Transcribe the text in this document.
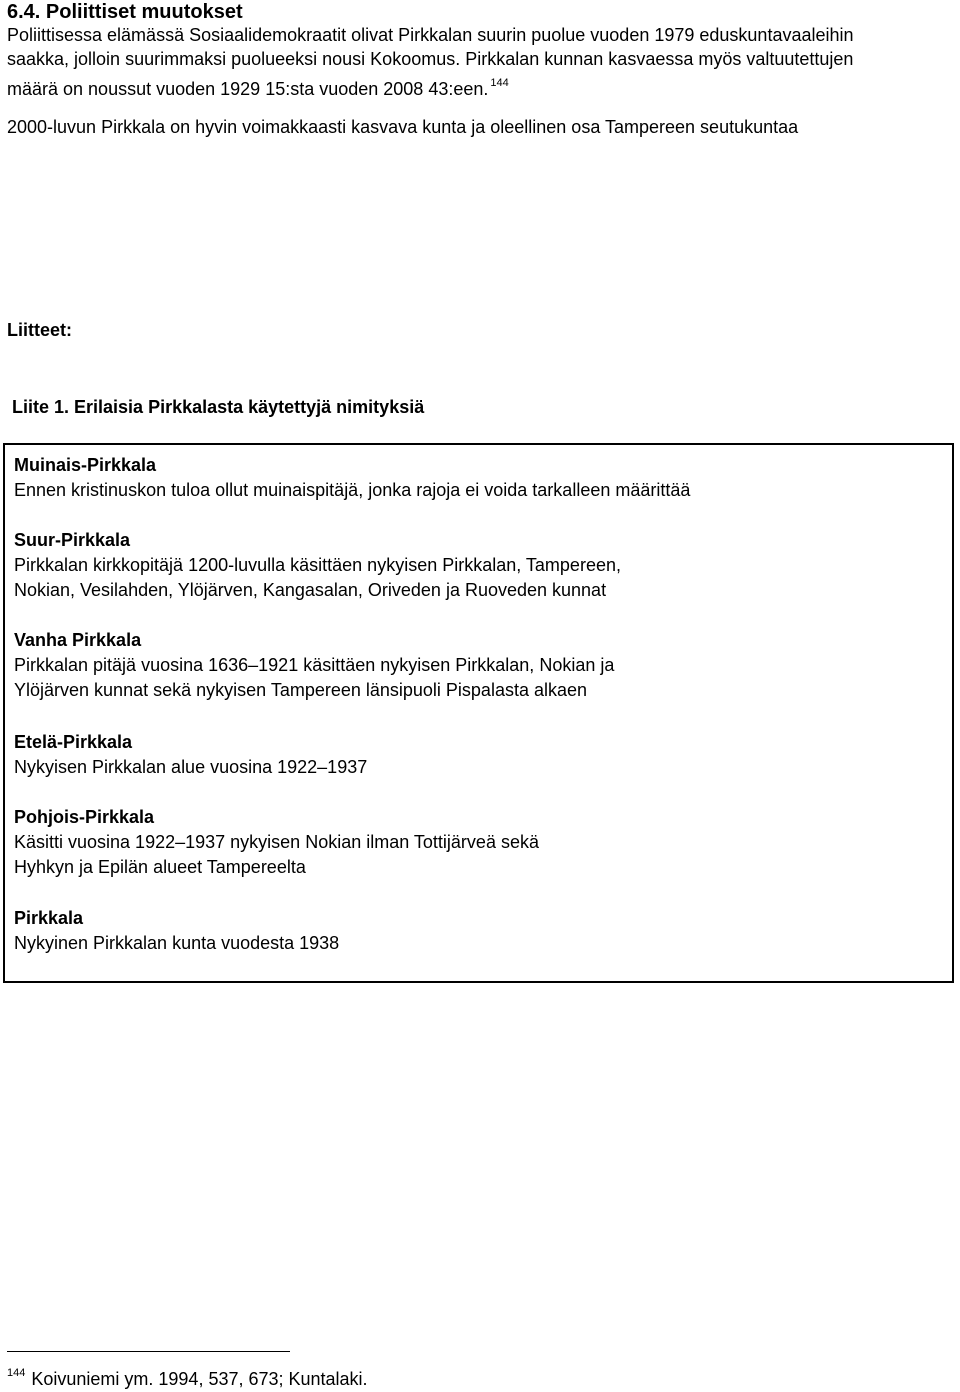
6.4. Poliittiset muutokset
Poliittisessa elämässä Sosiaalidemokraatit olivat Pirkkalan suurin puolue vuoden 1979 eduskuntavaaleihin
saakka, jolloin suurimmaksi puolueeksi nousi Kokoomus. Pirkkalan kunnan kasvaessa myös valtuutettujen
määrä on noussut vuoden 1929 15:sta vuoden 2008 43:een. $^{144}$
2000-luvun Pirkkala on hyvin voimakkaasti kasvava kunta ja oleellinen osa Tampereen seutukuntaa
Liitteet:
Liite 1. Erilaisia Pirkkalasta käytettyjä nimityksiä
Muinais-Pirkkala
Ennen kristinuskon tuloa ollut muinaispitäjä, jonka rajoja ei voida tarkalleen määrittää
Suur-Pirkkala
Pirkkalan kirkkopitäjä 1200-luvulla käsittäen nykyisen Pirkkalan, Tampereen,
Nokian, Vesilahden, Ylöjärven, Kangasalan, Oriveden ja Ruoveden kunnat
Vanha Pirkkala
Pirkkalan pitäjä vuosina 1636–1921 käsittäen nykyisen Pirkkalan, Nokian ja
Ylöjärven kunnat sekä nykyisen Tampereen länsipuoli Pispalasta alkaen
Etelä-Pirkkala
Nykyisen Pirkkalan alue vuosina 1922–1937
Pohjois-Pirkkala
Käsitti vuosina 1922–1937 nykyisen Nokian ilman Tottijärveä sekä
Hyhkyn ja Epilän alueet Tampereelta
Pirkkala
Nykyinen Pirkkalan kunta vuodesta 1938
$^{144}$ Koivuniemi ym. 1994, 537, 673; Kuntalaki.
